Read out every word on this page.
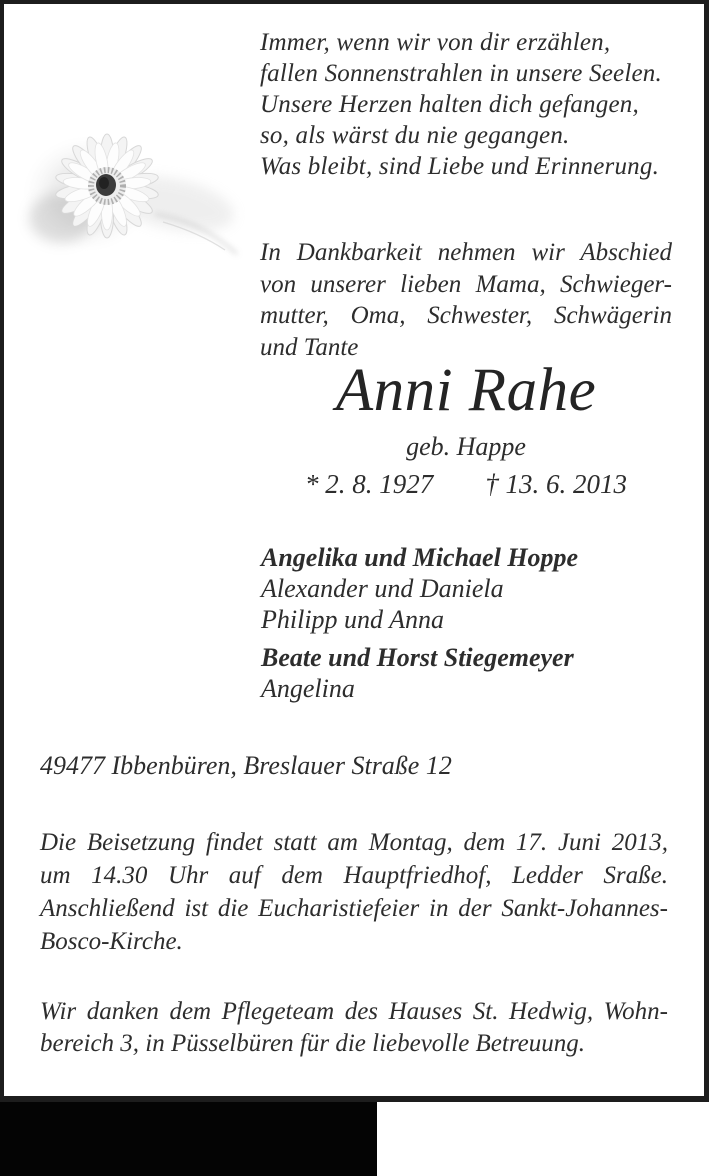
Immer, wenn wir von dir erzählen,
fallen Sonnenstrahlen in unsere Seelen.
Unsere Herzen halten dich gefangen,
so, als wärst du nie gegangen.
Was bleibt, sind Liebe und Erinnerung.
In Dankbarkeit nehmen wir Abschied
von unserer lieben Mama, Schwieger-
mutter, Oma, Schwester, Schwägerin
und Tante
Anni Rahe
geb. Happe
* 2. 8. 1927 † 13. 6. 2013
Angelika und Michael Hoppe
Alexander und Daniela
Philipp und Anna
Beate und Horst Stiegemeyer
Angelina
49477 Ibbenbüren, Breslauer Straße 12
Die Beisetzung findet statt am Montag, dem 17. Juni 2013,
um 14.30 Uhr auf dem Hauptfriedhof, Ledder Sraße.
Anschließend ist die Eucharistiefeier in der Sankt-Johannes-
Bosco-Kirche.
Wir danken dem Pflegeteam des Hauses St. Hedwig, Wohn-
bereich 3, in Püsselbüren für die liebevolle Betreuung.
